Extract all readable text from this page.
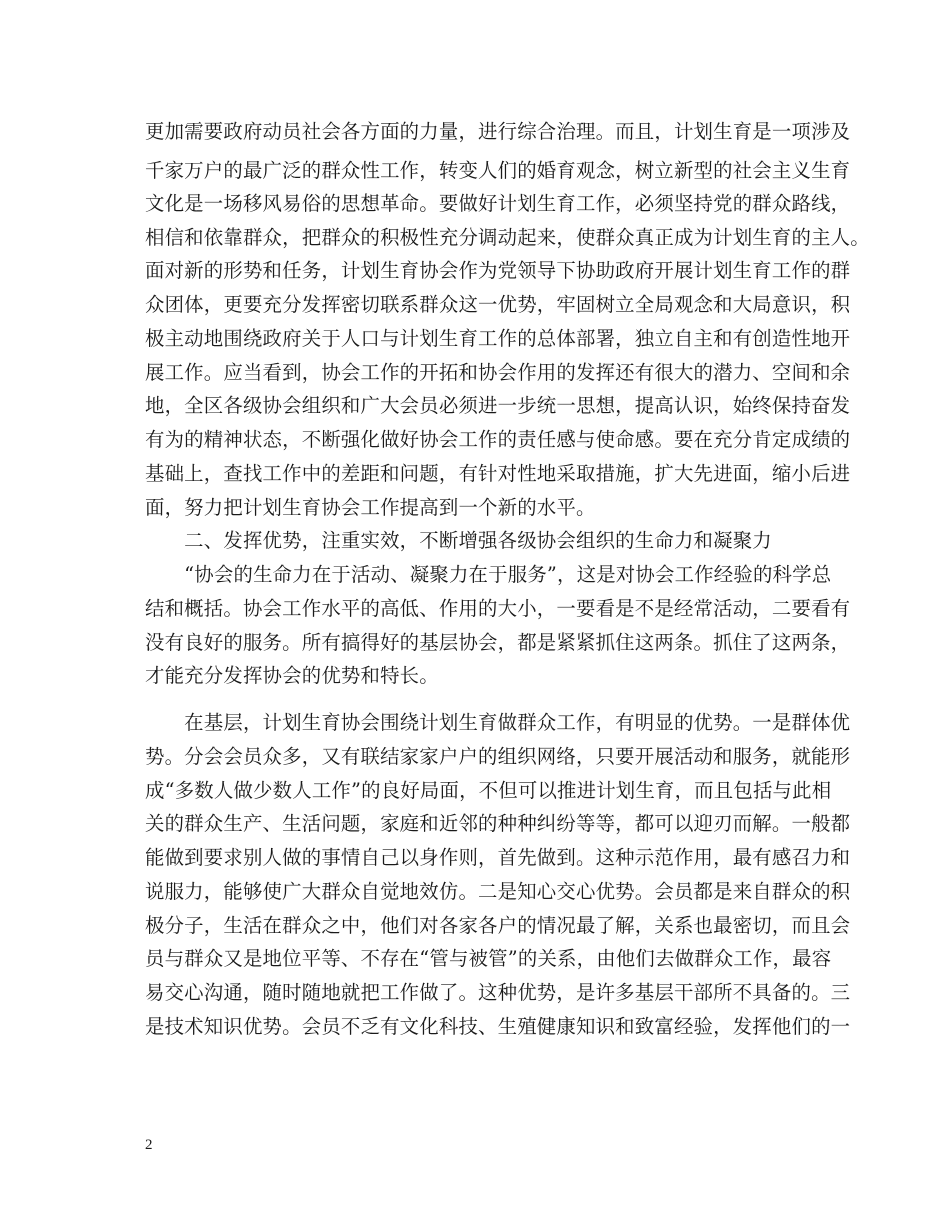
更加需要政府动员社会各方面的力量，进行综合治理。而且，计划生育是一项涉及
千家万户的最广泛的群众性工作，转变人们的婚育观念，树立新型的社会主义生育
文化是一场移风易俗的思想革命。要做好计划生育工作，必须坚持党的群众路线，
相信和依靠群众，把群众的积极性充分调动起来，使群众真正成为计划生育的主人。
面对新的形势和任务，计划生育协会作为党领导下协助政府开展计划生育工作的群
众团体，更要充分发挥密切联系群众这一优势，牢固树立全局观念和大局意识，积
极主动地围绕政府关于人口与计划生育工作的总体部署，独立自主和有创造性地开
展工作。应当看到，协会工作的开拓和协会作用的发挥还有很大的潜力、空间和余
地，全区各级协会组织和广大会员必须进一步统一思想，提高认识，始终保持奋发
有为的精神状态，不断强化做好协会工作的责任感与使命感。要在充分肯定成绩的
基础上，查找工作中的差距和问题，有针对性地采取措施，扩大先进面，缩小后进
面，努力把计划生育协会工作提高到一个新的水平。
　　二、发挥优势，注重实效，不断增强各级协会组织的生命力和凝聚力
　　“协会的生命力在于活动、凝聚力在于服务”，这是对协会工作经验的科学总
结和概括。协会工作水平的高低、作用的大小，一要看是不是经常活动，二要看有
没有良好的服务。所有搞得好的基层协会，都是紧紧抓住这两条。抓住了这两条，
才能充分发挥协会的优势和特长。
　　在基层，计划生育协会围绕计划生育做群众工作，有明显的优势。一是群体优
势。分会会员众多，又有联结家家户户的组织网络，只要开展活动和服务，就能形
成“多数人做少数人工作”的良好局面，不但可以推进计划生育，而且包括与此相
关的群众生产、生活问题，家庭和近邻的种种纠纷等等，都可以迎刃而解。一般都
能做到要求别人做的事情自己以身作则，首先做到。这种示范作用，最有感召力和
说服力，能够使广大群众自觉地效仿。二是知心交心优势。会员都是来自群众的积
极分子，生活在群众之中，他们对各家各户的情况最了解，关系也最密切，而且会
员与群众又是地位平等、不存在“管与被管”的关系，由他们去做群众工作，最容
易交心沟通，随时随地就把工作做了。这种优势，是许多基层干部所不具备的。三
是技术知识优势。会员不乏有文化科技、生殖健康知识和致富经验，发挥他们的一
2
